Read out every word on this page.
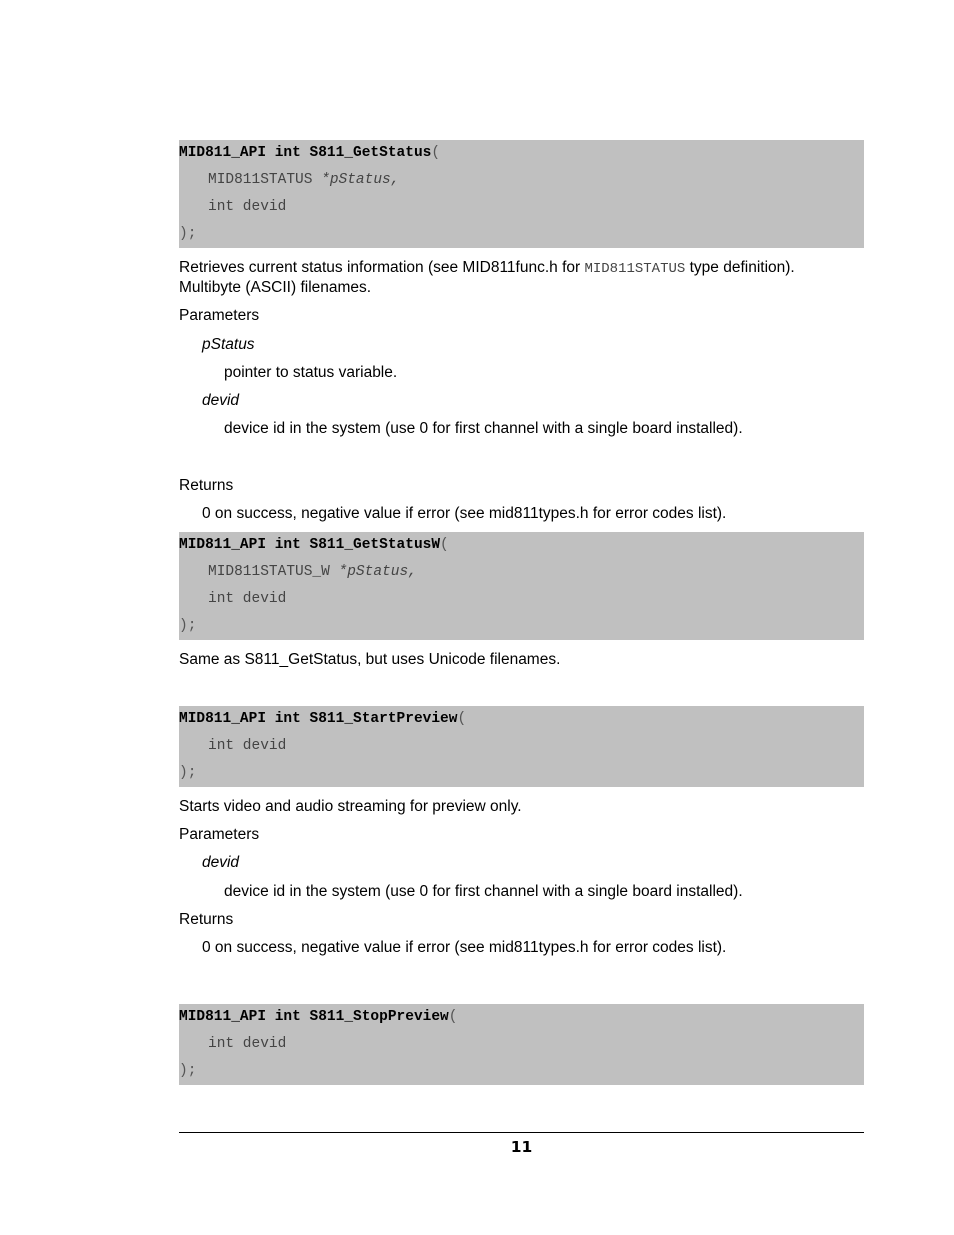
MID811_API int S811_GetStatus(
MID811STATUS *pStatus,
int devid
);
Retrieves current status information (see MID811func.h for MID811STATUS type definition).
Multibyte (ASCII) filenames.
Parameters
pStatus
pointer to status variable.
devid
device id in the system (use 0 for first channel with a single board installed).
Returns
0 on success, negative value if error (see mid811types.h for error codes list).
MID811_API int S811_GetStatusW(
MID811STATUS_W *pStatus,
int devid
);
Same as S811_GetStatus, but uses Unicode filenames.
MID811_API int S811_StartPreview(
int devid
);
Starts video and audio streaming for preview only.
Parameters
devid
device id in the system (use 0 for first channel with a single board installed).
Returns
0 on success, negative value if error (see mid811types.h for error codes list).
MID811_API int S811_StopPreview(
int devid
);
11
